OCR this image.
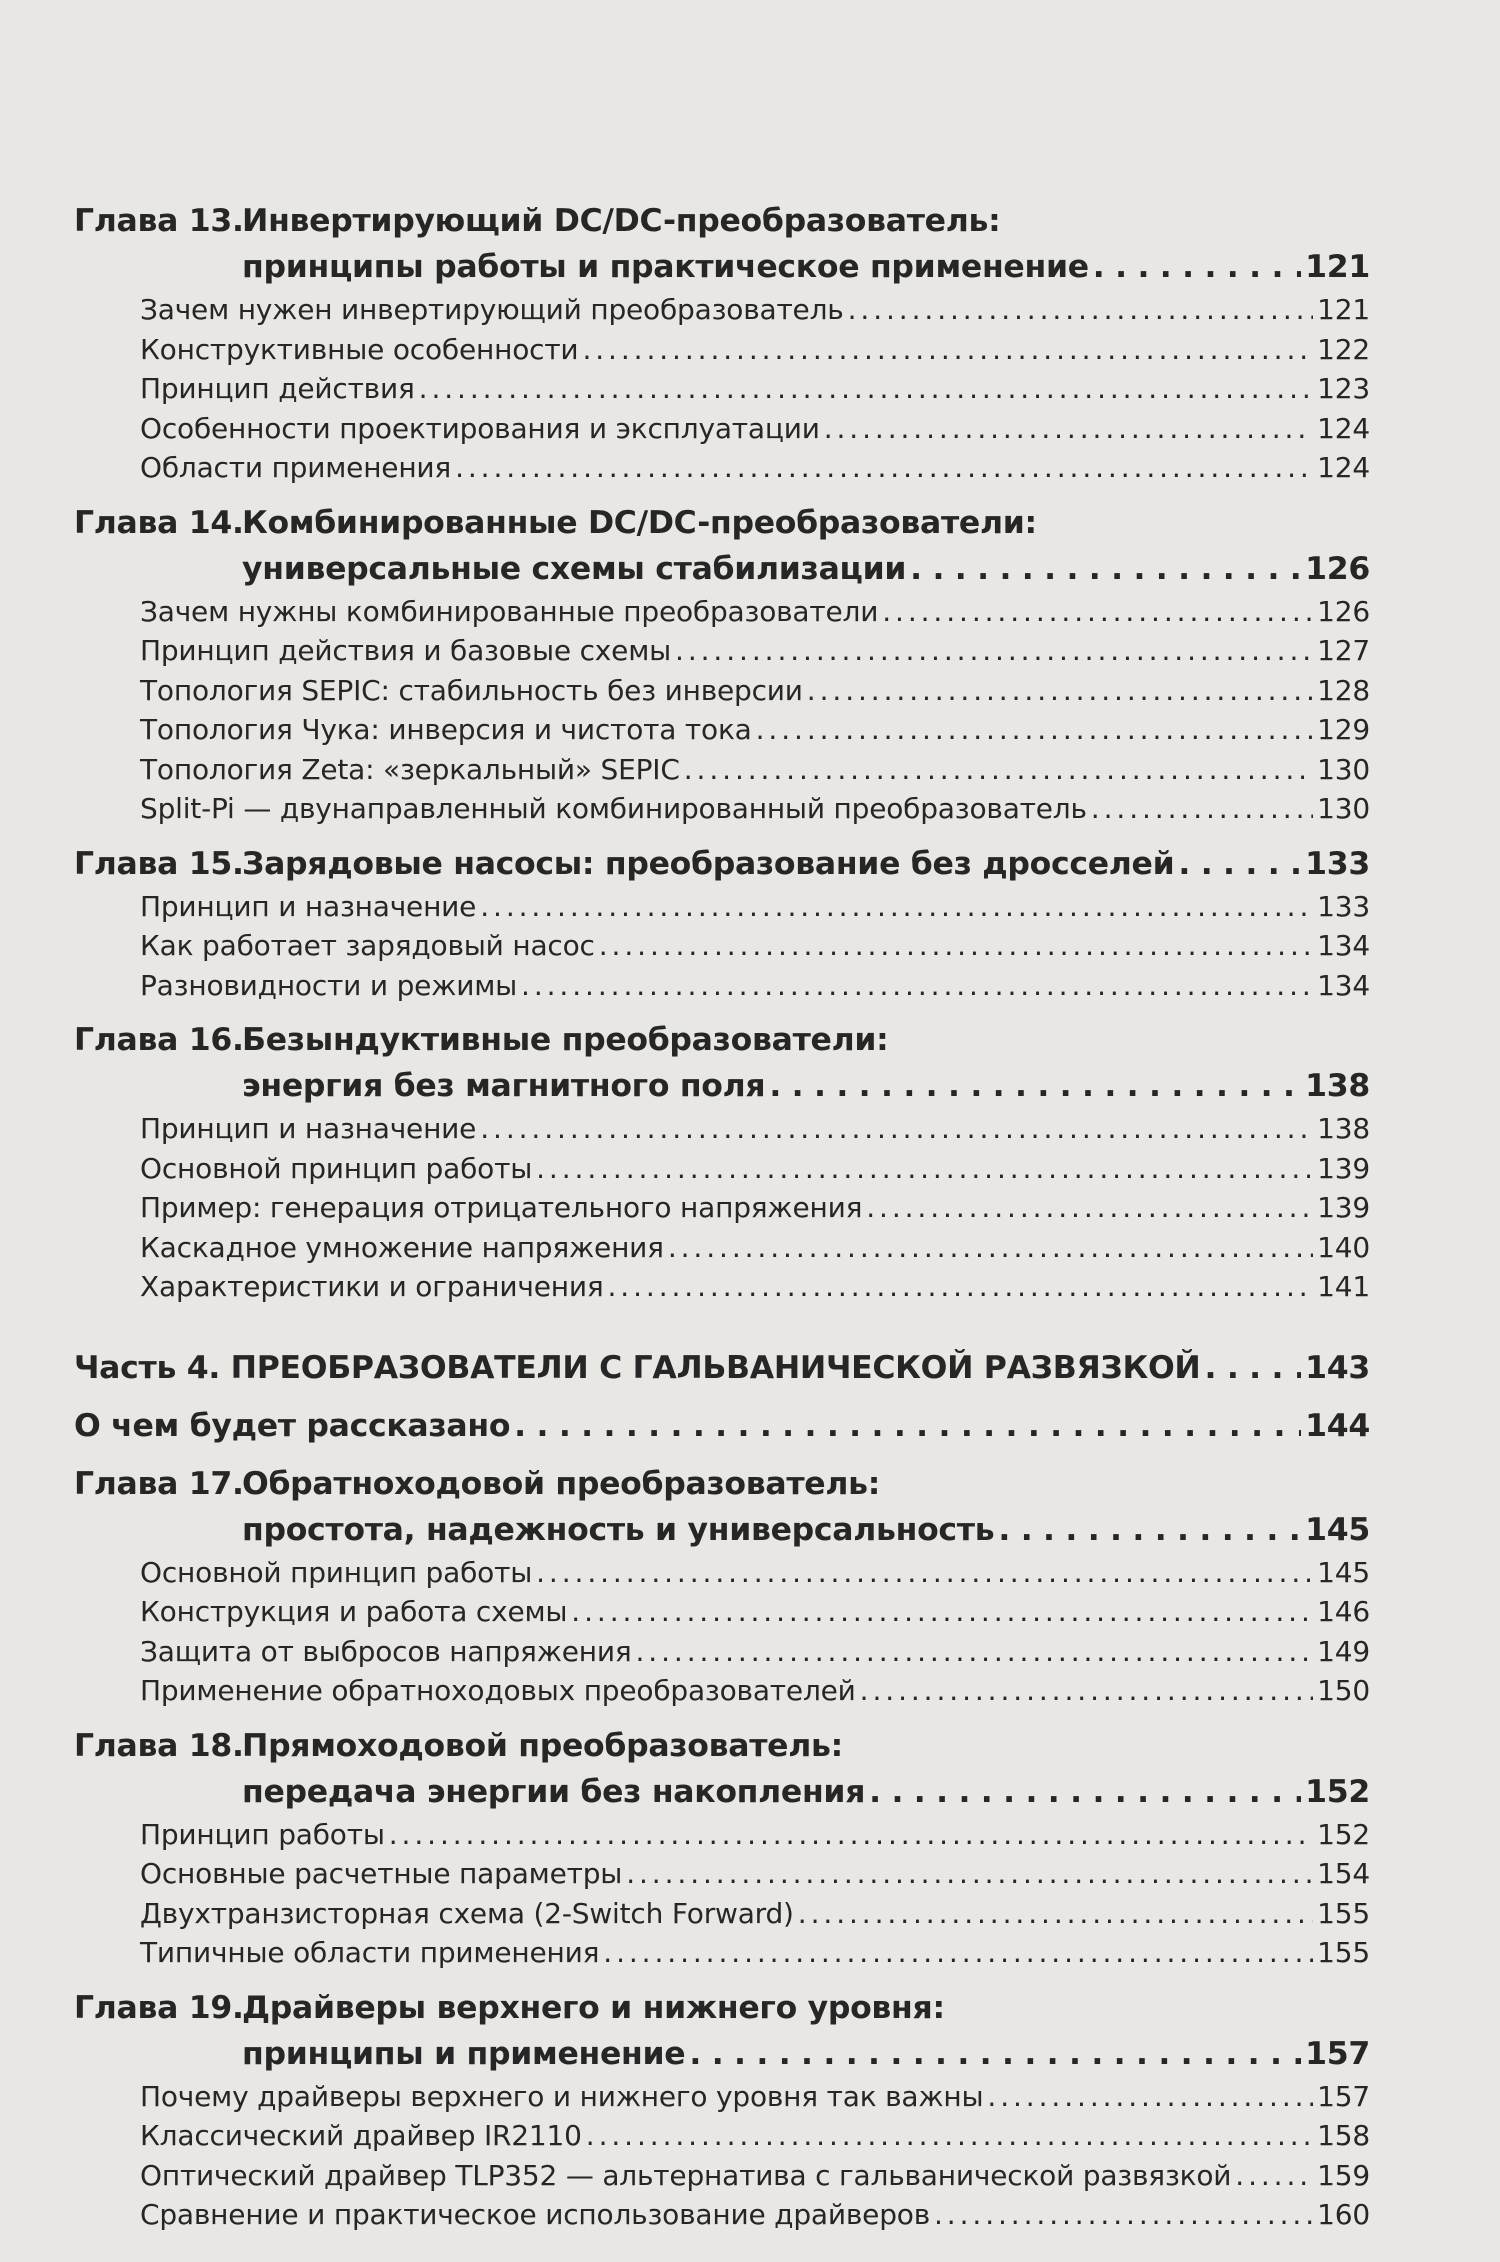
Глава 13.
Инвертирующий DC/DC-преобразователь:
принципы работы и практическое применение . . .	121
Зачем нужен инвертирующий преобразователь . . .	121
Конструктивные особенности . . .	122
Принцип действия . . .	123
Особенности проектирования и эксплуатации . . .	124
Области применения . . .	124
Глава 14.
Комбинированные DC/DC-преобразователи:
универсальные схемы стабилизации . . .	126
Зачем нужны комбинированные преобразователи . . .	126
Принцип действия и базовые схемы . . .	127
Топология SEPIC: стабильность без инверсии . . .	128
Топология Чука: инверсия и чистота тока . . .	129
Топология Zeta: «зеркальный» SEPIC . . .	130
Split-Pi — двунаправленный комбинированный преобразователь . . .	130
Глава 15.
Зарядовые насосы: преобразование без дросселей . . .	133
Принцип и назначение . . .	133
Как работает зарядовый насос . . .	134
Разновидности и режимы . . .	134
Глава 16.
Безындуктивные преобразователи:
энергия без магнитного поля . . .	138
Принцип и назначение . . .	138
Основной принцип работы . . .	139
Пример: генерация отрицательного напряжения . . .	139
Каскадное умножение напряжения . . .	140
Характеристики и ограничения . . .	141
Часть 4. ПРЕОБРАЗОВАТЕЛИ С ГАЛЬВАНИЧЕСКОЙ РАЗВЯЗКОЙ . . .	143
О чем будет рассказано . . .	144
Глава 17.
Обратноходовой преобразователь:
простота, надежность и универсальность . . .	145
Основной принцип работы . . .	145
Конструкция и работа схемы . . .	146
Защита от выбросов напряжения . . .	149
Применение обратноходовых преобразователей . . .	150
Глава 18.
Прямоходовой преобразователь:
передача энергии без накопления . . .	152
Принцип работы . . .	152
Основные расчетные параметры . . .	154
Двухтранзисторная схема (2-Switch Forward) . . .	155
Типичные области применения . . .	155
Глава 19.
Драйверы верхнего и нижнего уровня:
принципы и применение . . .	157
Почему драйверы верхнего и нижнего уровня так важны . . .	157
Классический драйвер IR2110 . . .	158
Оптический драйвер TLP352 — альтернатива с гальванической развязкой . . .	159
Сравнение и практическое использование драйверов . . .	160
